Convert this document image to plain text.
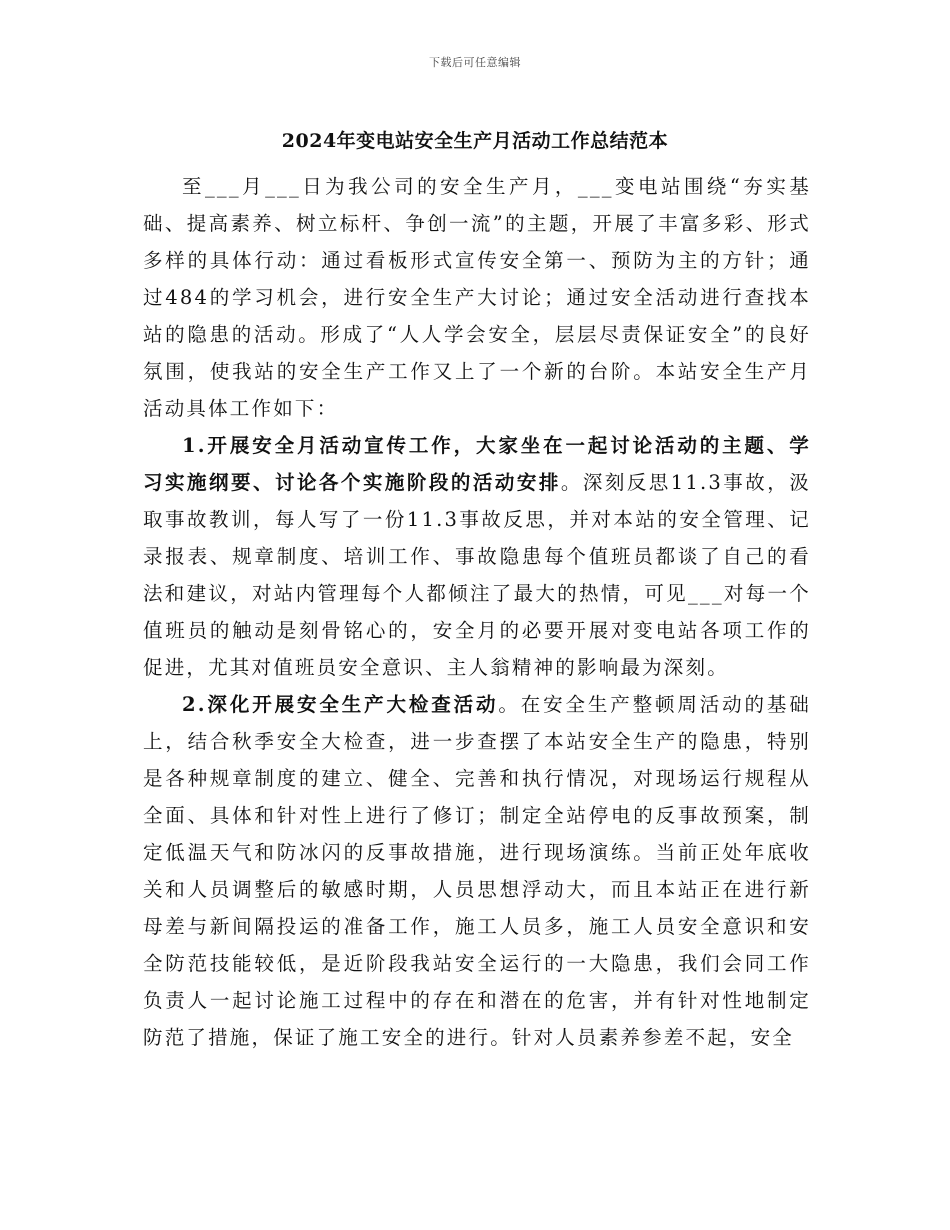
下载后可任意编辑
2024年变电站安全生产月活动工作总结范本

至___月___日为我公司的安全生产月，___变电站围绕“夯实基础、提高素养、树立标杆、争创一流”的主题，开展了丰富多彩、形式多样的具体行动：通过看板形式宣传安全第一、预防为主的方针；通过484的学习机会，进行安全生产大讨论；通过安全活动进行查找本站的隐患的活动。形成了“人人学会安全，层层尽责保证安全”的良好氛围，使我站的安全生产工作又上了一个新的台阶。本站安全生产月活动具体工作如下：

1.开展安全月活动宣传工作，大家坐在一起讨论活动的主题、学习实施纲要、讨论各个实施阶段的活动安排。深刻反思11.3事故，汲取事故教训，每人写了一份11.3事故反思，并对本站的安全管理、记录报表、规章制度、培训工作、事故隐患每个值班员都谈了自己的看法和建议，对站内管理每个人都倾注了最大的热情，可见___对每一个值班员的触动是刻骨铭心的，安全月的必要开展对变电站各项工作的促进，尤其对值班员安全意识、主人翁精神的影响最为深刻。

2.深化开展安全生产大检查活动。在安全生产整顿周活动的基础上，结合秋季安全大检查，进一步查摆了本站安全生产的隐患，特别是各种规章制度的建立、健全、完善和执行情况，对现场运行规程从全面、具体和针对性上进行了修订；制定全站停电的反事故预案，制定低温天气和防冰闪的反事故措施，进行现场演练。当前正处年底收关和人员调整后的敏感时期，人员思想浮动大，而且本站正在进行新母差与新间隔投运的准备工作，施工人员多，施工人员安全意识和安全防范技能较低，是近阶段我站安全运行的一大隐患，我们会同工作负责人一起讨论施工过程中的存在和潜在的危害，并有针对性地制定防范了措施，保证了施工安全的进行。针对人员素养参差不起，安全
